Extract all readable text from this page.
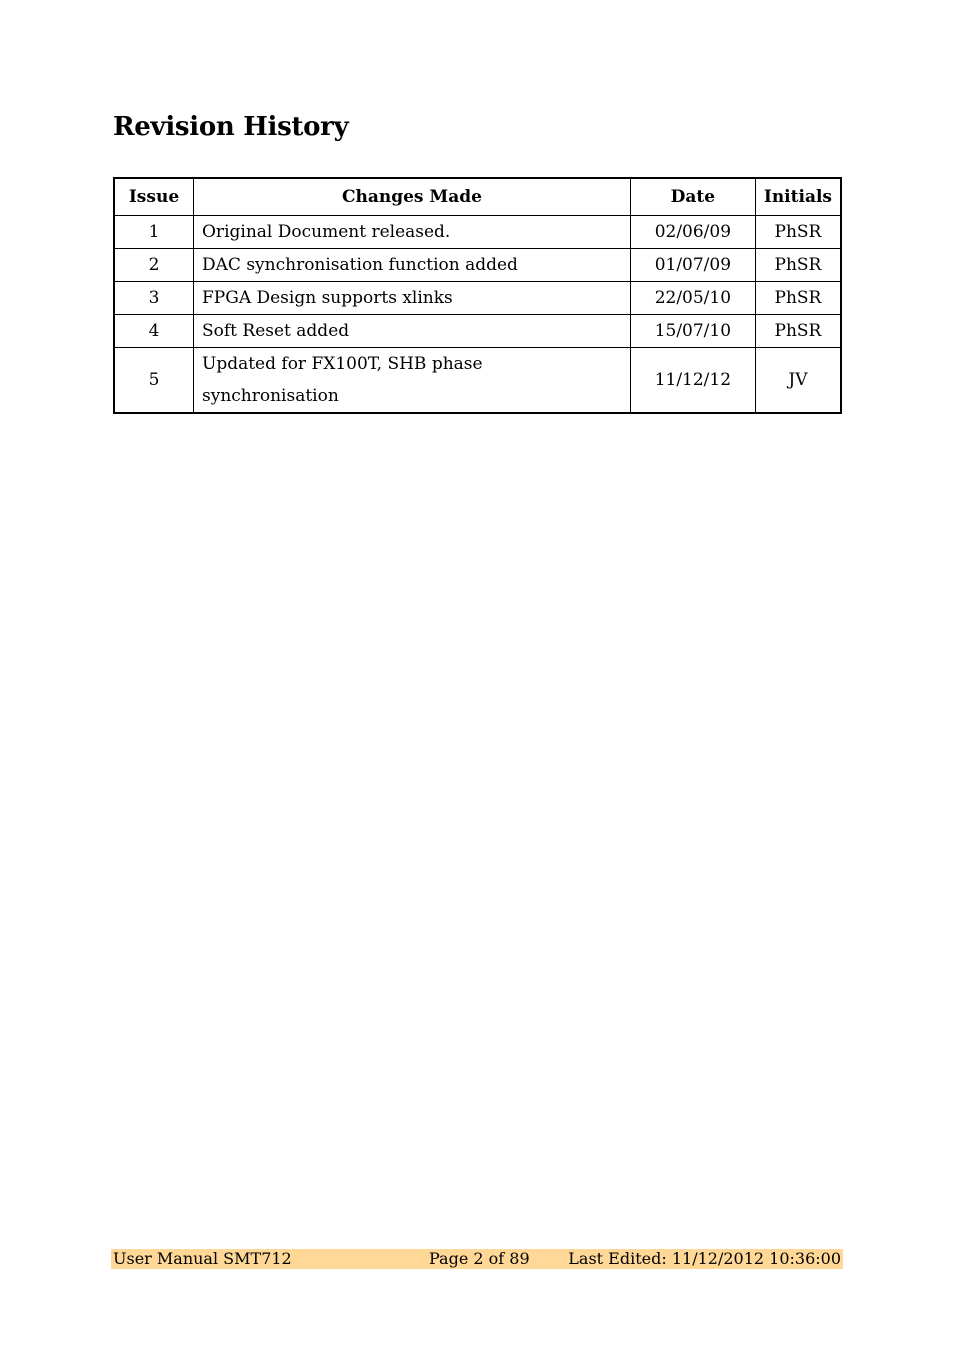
Revision History
Issue	Changes Made	Date	Initials
1	Original Document released.	02/06/09	PhSR
2	DAC synchronisation function added	01/07/09	PhSR
3	FPGA Design supports xlinks	22/05/10	PhSR
4	Soft Reset added	15/07/10	PhSR
5	Updated for FX100T, SHB phase synchronisation	11/12/12	JV
User Manual SMT712	Page 2 of 89 Last Edited: 11/12/2012 10:36:00
